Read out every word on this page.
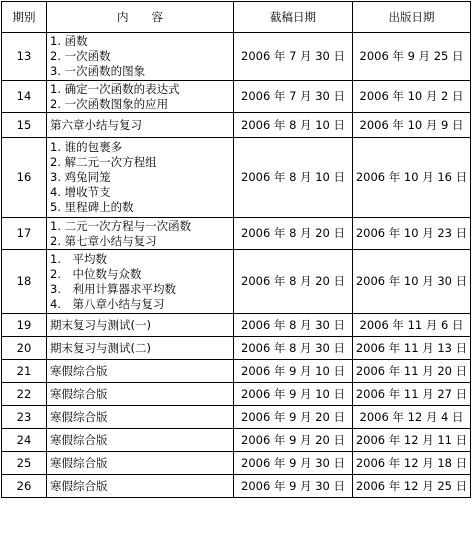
期别	内　　容	截稿日期	出版日期
13	1. 函数
2. 一次函数
3. 一次函数的图象	2006 年 7 月 30 日	2006 年 9 月 25 日
14	1. 确定一次函数的表达式
2. 一次函数图象的应用	2006 年 7 月 30 日	2006 年 10 月 2 日
15	第六章小结与复习	2006 年 8 月 10 日	2006 年 10 月 9 日
16	1. 谁的包裹多
2. 解二元一次方程组
3. 鸡兔同笼
4. 增收节支
5. 里程碑上的数	2006 年 8 月 10 日	2006 年 10 月 16 日
17	1. 二元一次方程与一次函数
2. 第七章小结与复习	2006 年 8 月 20 日	2006 年 10 月 23 日
18	1.　平均数
2.　中位数与众数
3.　利用计算器求平均数
4.　第八章小结与复习	2006 年 8 月 20 日	2006 年 10 月 30 日
19	期末复习与测试(一)	2006 年 8 月 30 日	2006 年 11 月 6 日
20	期末复习与测试(二)	2006 年 8 月 30 日	2006 年 11 月 13 日
21	寒假综合版	2006 年 9 月 10 日	2006 年 11 月 20 日
22	寒假综合版	2006 年 9 月 10 日	2006 年 11 月 27 日
23	寒假综合版	2006 年 9 月 20 日	2006 年 12 月 4 日
24	寒假综合版	2006 年 9 月 20 日	2006 年 12 月 11 日
25	寒假综合版	2006 年 9 月 30 日	2006 年 12 月 18 日
26	寒假综合版	2006 年 9 月 30 日	2006 年 12 月 25 日
